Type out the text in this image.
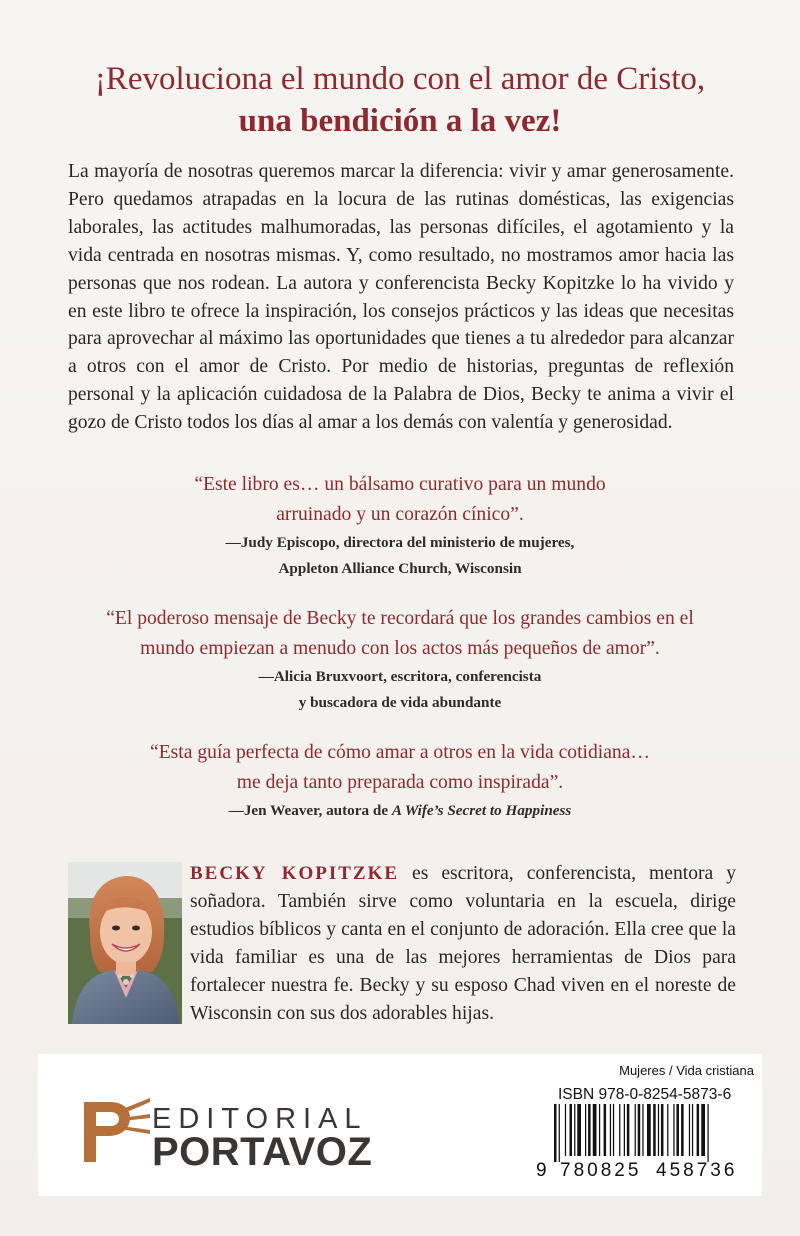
¡Revoluciona el mundo con el amor de Cristo,
una bendición a la vez!
La mayoría de nosotras queremos marcar la diferencia: vivir y amar generosamente. Pero quedamos atrapadas en la locura de las rutinas domésticas, las exigencias laborales, las actitudes malhumoradas, las personas difíciles, el agotamiento y la vida centrada en nosotras mismas. Y, como resultado, no mostramos amor hacia las personas que nos rodean. La autora y conferencista Becky Kopitzke lo ha vivido y en este libro te ofrece la inspiración, los consejos prácticos y las ideas que necesitas para aprovechar al máximo las oportunidades que tienes a tu alrededor para alcanzar a otros con el amor de Cristo. Por medio de historias, preguntas de reflexión personal y la aplicación cuidadosa de la Palabra de Dios, Becky te anima a vivir el gozo de Cristo todos los días al amar a los demás con valentía y generosidad.
“Este libro es… un bálsamo curativo para un mundo
arruinado y un corazón cínico”.
—Judy Episcopo, directora del ministerio de mujeres,
Appleton Alliance Church, Wisconsin
“El poderoso mensaje de Becky te recordará que los grandes cambios en el
mundo empiezan a menudo con los actos más pequeños de amor”.
—Alicia Bruxvoort, escritora, conferencista
y buscadora de vida abundante
“Esta guía perfecta de cómo amar a otros en la vida cotidiana…
me deja tanto preparada como inspirada”.
—Jen Weaver, autora de A Wife’s Secret to Happiness
BECKY KOPITZKE es escritora, conferencista, mentora y soñadora. También sirve como voluntaria en la escuela, dirige estudios bíblicos y canta en el conjunto de adoración. Ella cree que la vida familiar es una de las mejores herramientas de Dios para fortalecer nuestra fe. Becky y su esposo Chad viven en el noreste de Wisconsin con sus dos adorables hijas.
EDITORIAL
PORTAVOZ
Mujeres / Vida cristiana
ISBN 978-0-8254-5873-6
9 780825 458736
